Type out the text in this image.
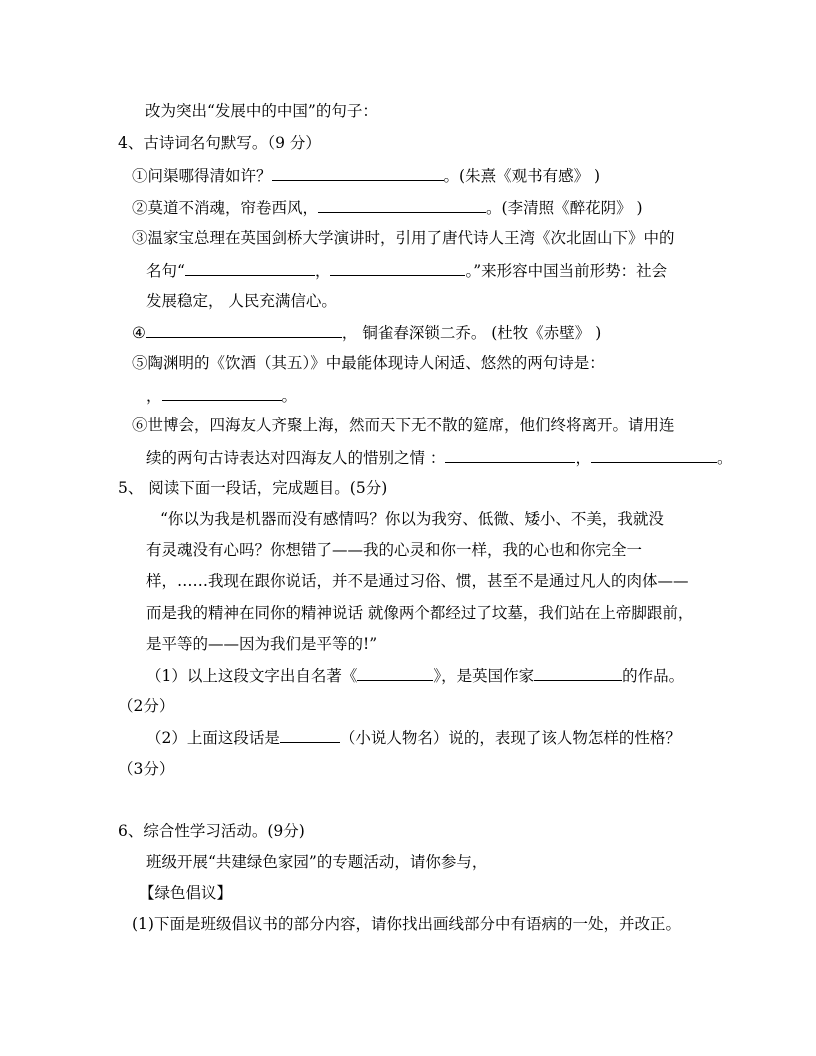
改为突出“发展中的中国”的句子：
4、古诗词名句默写。（9 分）
①问渠哪得清如许？	。(朱熹《观书有感》 )
②莫道不消魂，帘卷西风，	。(李清照《醉花阴》 )
③温家宝总理在英国剑桥大学演讲时，引用了唐代诗人王湾《次北固山下》中的
名句“	，	。”来形容中国当前形势：社会
发展稳定， 人民充满信心。
④	， 铜雀春深锁二乔。 (杜牧《赤壁》 )
⑤陶渊明的《饮酒（其五）》中最能体现诗人闲适、悠然的两句诗是：
，	。
⑥世博会，四海友人齐聚上海，然而天下无不散的筵席，他们终将离开。请用连
续的两句古诗表达对四海友人的惜别之情 ：	，	。
5、 阅读下面一段话，完成题目。(5分)
“你以为我是机器而没有感情吗？你以为我穷、低微、矮小、不美，我就没
有灵魂没有心吗？你想错了——我的心灵和你一样，我的心也和你完全一
样，……我现在跟你说话，并不是通过习俗、惯，甚至不是通过凡人的肉体——
而是我的精神在同你的精神说话 就像两个都经过了坟墓，我们站在上帝脚跟前，
是平等的——因为我们是平等的!”
（1）以上这段文字出自名著《	》，是英国作家	的作品。
（2分）
（2）上面这段话是	（小说人物名）说的，表现了该人物怎样的性格？
（3分）
6、综合性学习活动。(9分)
班级开展“共建绿色家园”的专题活动，请你参与，
【绿色倡议】
(1)下面是班级倡议书的部分内容，请你找出画线部分中有语病的一处，并改正。
